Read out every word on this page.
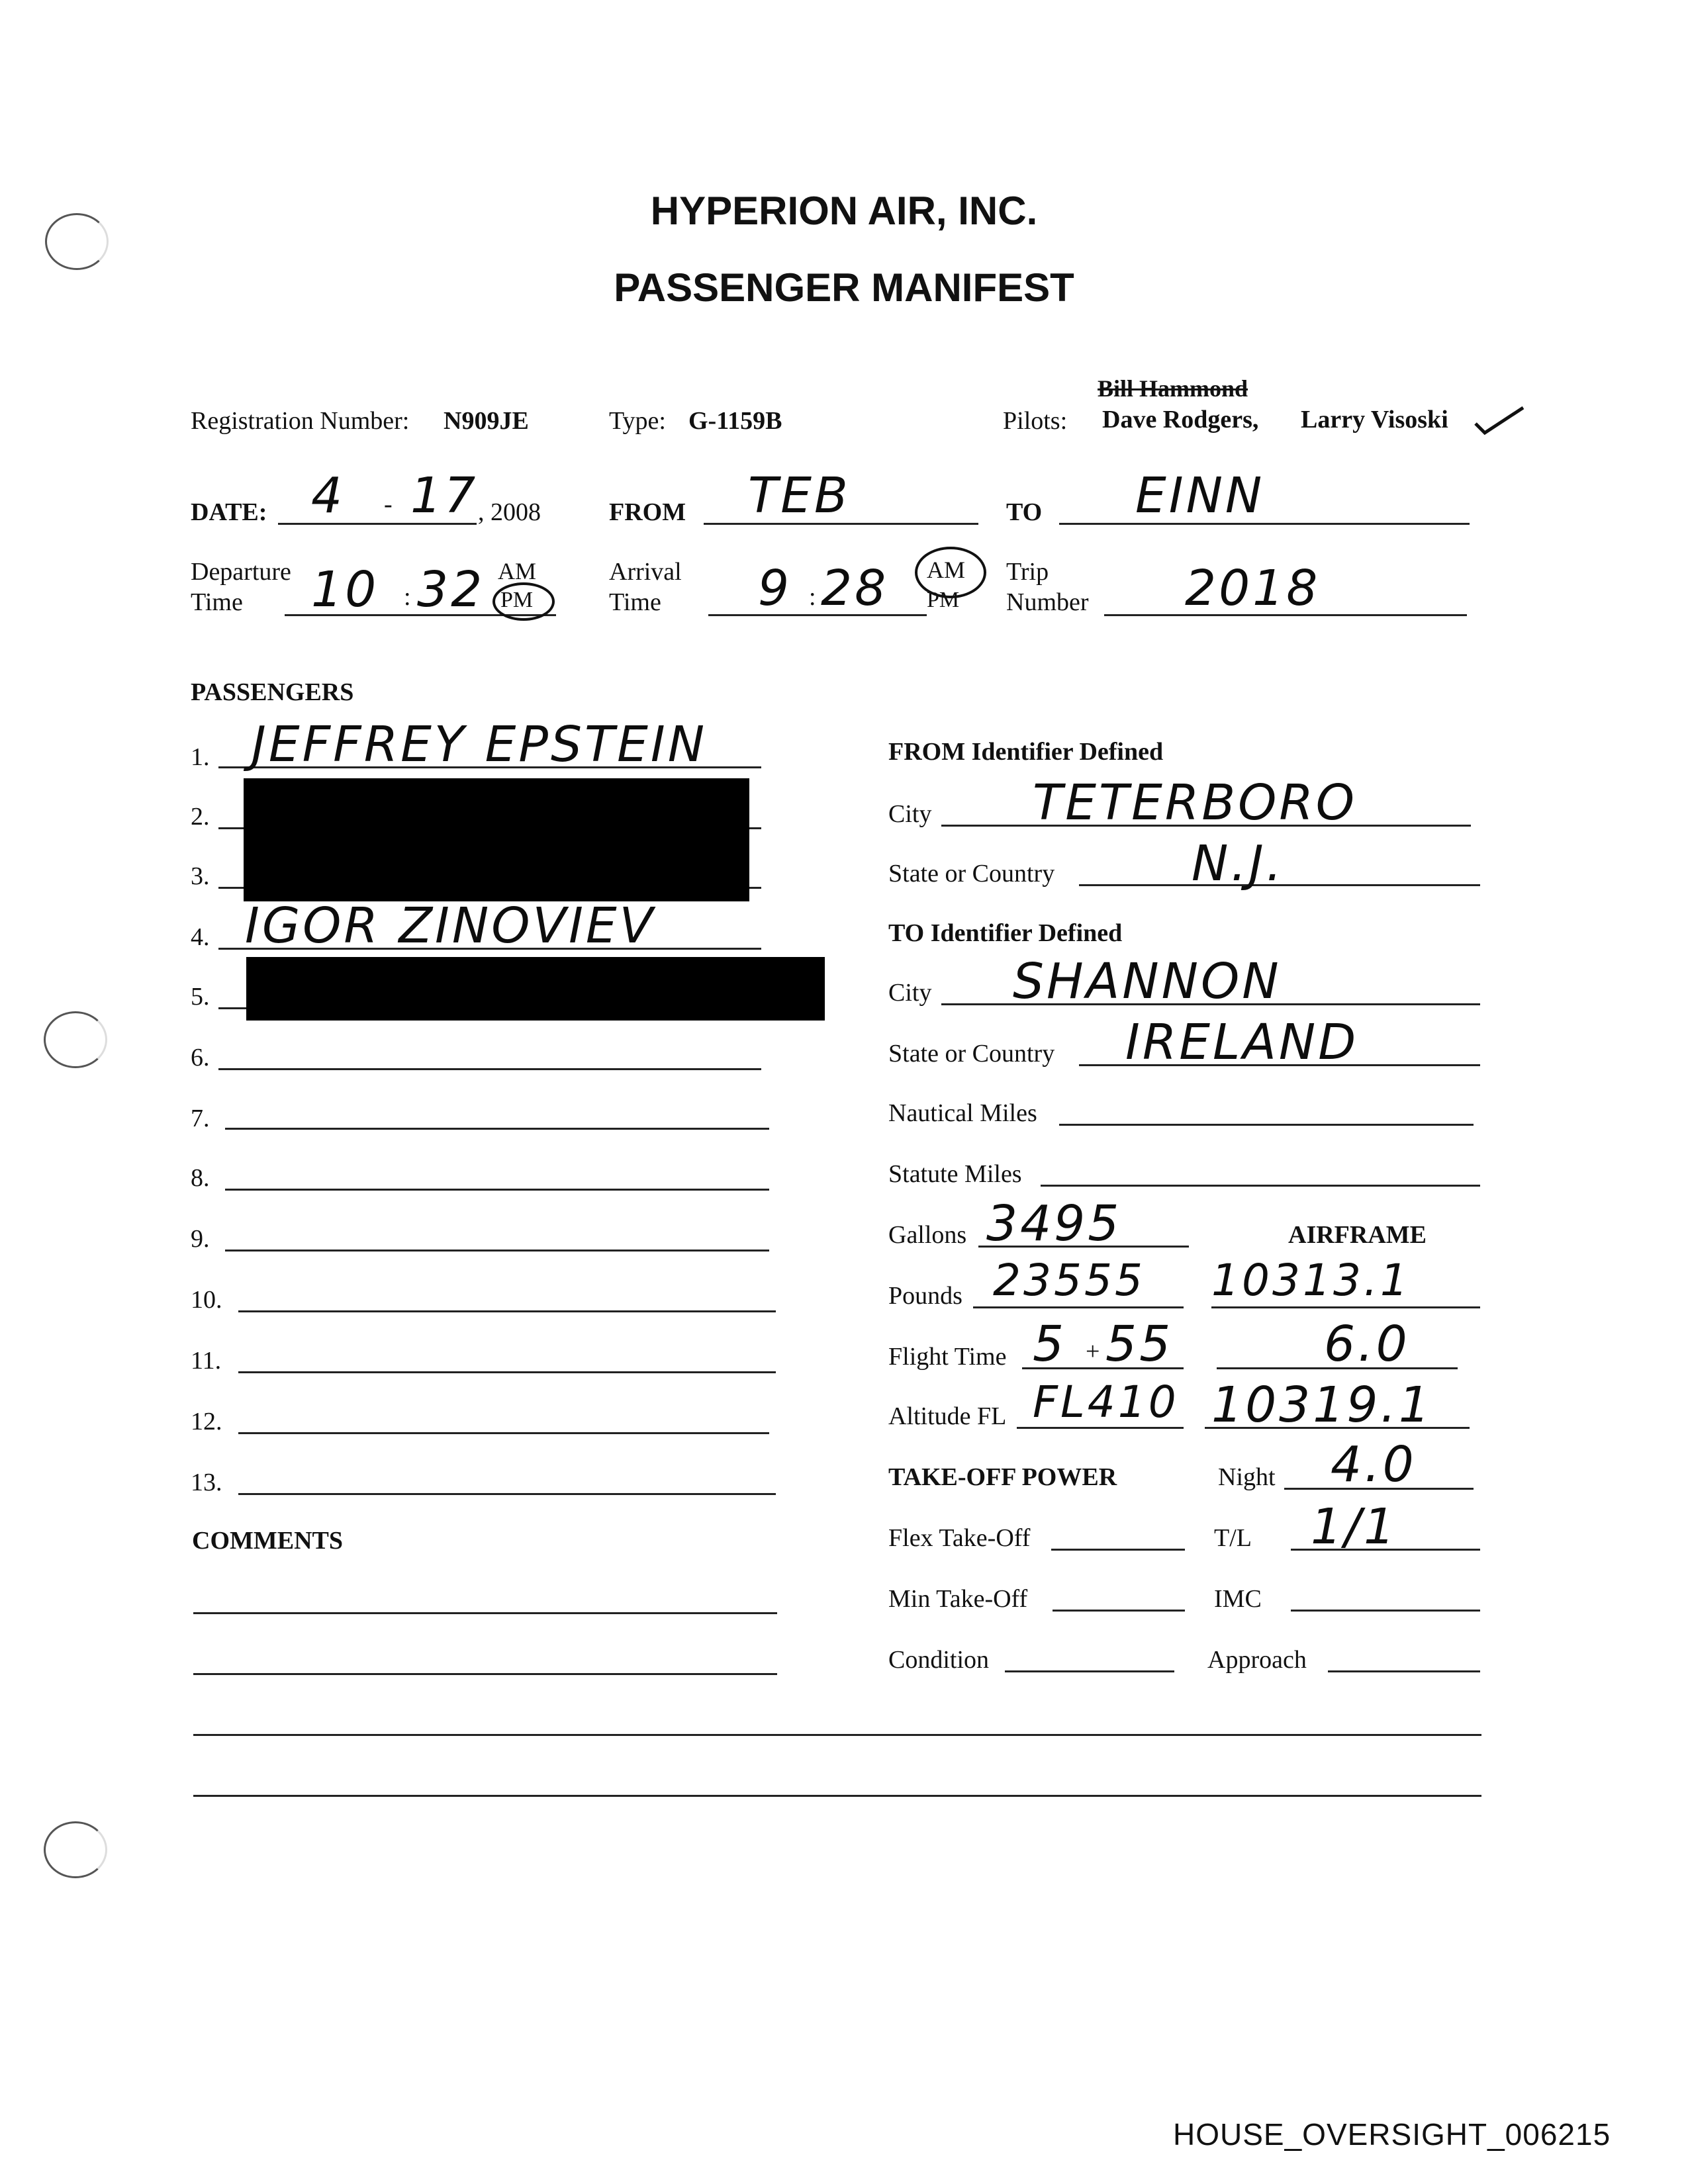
HYPERION AIR, INC.
PASSENGER MANIFEST
Registration Number: N909JE	Type: G-1159B
Bill Hammond
Pilots: Dave Rodgers, Larry Visoski
DATE: 4 - 17 , 2008	FROM TEB	TO EINN
Departure
Time 10 : 32 AM
PM
Arrival
Time 9 : 28 AM
PM
Trip
Number 2018
PASSENGERS
1. JEFFREY EPSTEIN
2.
3.
4. IGOR ZINOVIEV
5.
6.
7.
8.
9.
10.
11.
12.
13.
COMMENTS
FROM Identifier Defined
City TETERBORO
State or Country	N.J.
TO Identifier Defined
City SHANNON
State or Country IRELAND
Nautical Miles
Statute Miles
Gallons 3495	AIRFRAME
Pounds 23555 10313.1
Flight Time 5 + 55	6.0
Altitude FL FL410 10319.1
TAKE-OFF POWER	Night 4.0
Flex Take-Off	T/L 1/1
Min Take-Off	IMC
Condition	Approach
HOUSE_OVERSIGHT_006215
